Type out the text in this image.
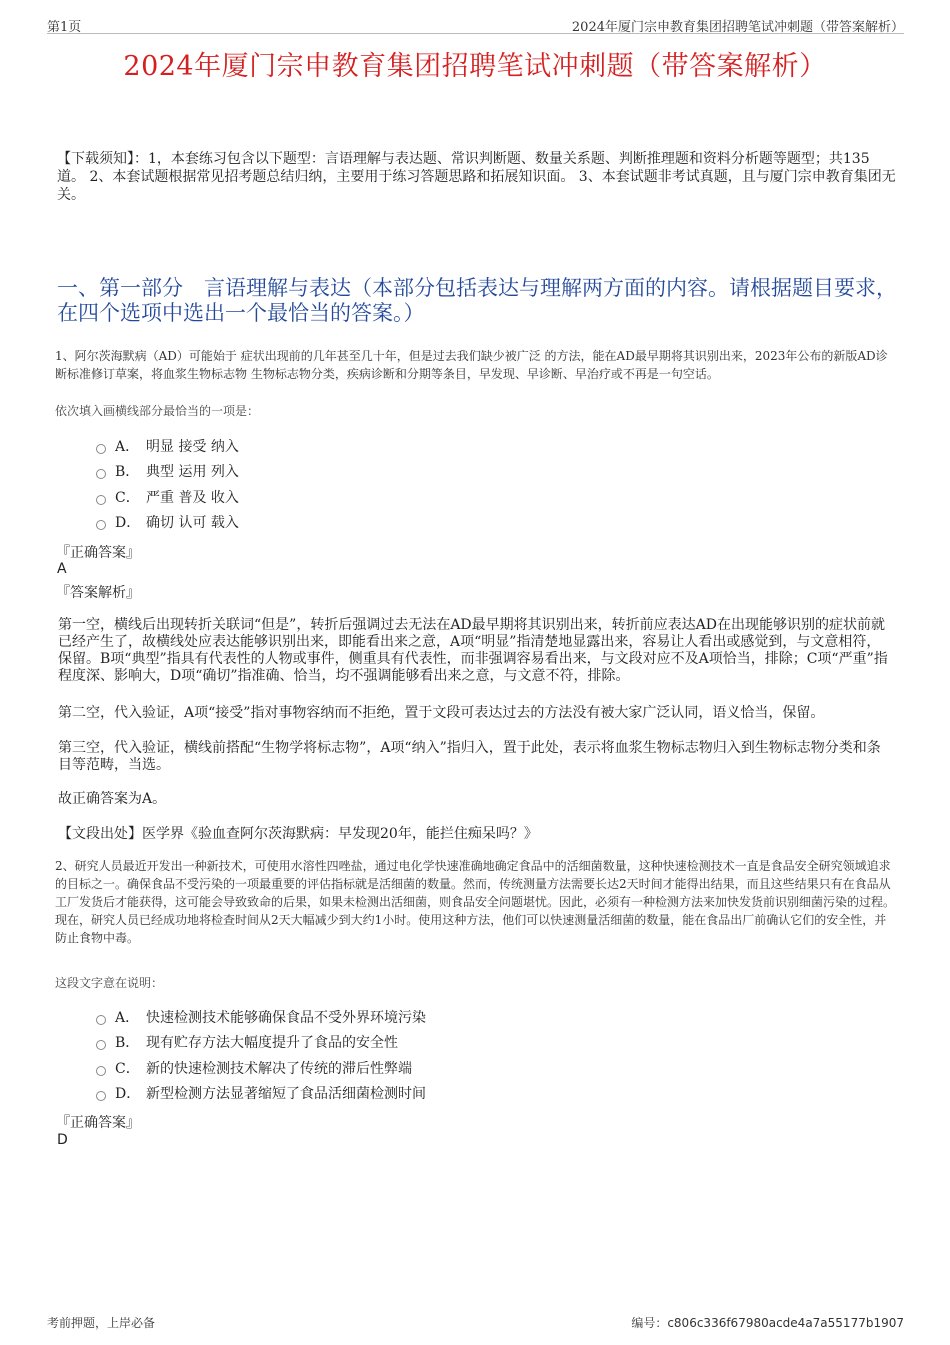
第1页	2024年厦门宗申教育集团招聘笔试冲刺题（带答案解析）
2024年厦门宗申教育集团招聘笔试冲刺题（带答案解析）
【下载须知】：1，本套练习包含以下题型：言语理解与表达题、常识判断题、数量关系题、判断推理题和资料分析题等题型；共135道。 2、本套试题根据常见招考题总结归纳，主要用于练习答题思路和拓展知识面。 3、本套试题非考试真题，且与厦门宗申教育集团无关。
一、第一部分　言语理解与表达（本部分包括表达与理解两方面的内容。请根据题目要求，在四个选项中选出一个最恰当的答案。）
1、阿尔茨海默病（AD）可能始于 症状出现前的几年甚至几十年，但是过去我们缺少被广泛 的方法，能在AD最早期将其识别出来，2023年公布的新版AD诊断标准修订草案，将血浆生物标志物 生物标志物分类，疾病诊断和分期等条目，早发现、早诊断、早治疗或不再是一句空话。
依次填入画横线部分最恰当的一项是：
A． 明显 接受 纳入
B． 典型 运用 列入
C． 严重 普及 收入
D． 确切 认可 载入
『正确答案』
A
『答案解析』
第一空，横线后出现转折关联词“但是”，转折后强调过去无法在AD最早期将其识别出来，转折前应表达AD在出现能够识别的症状前就已经产生了，故横线处应表达能够识别出来，即能看出来之意，A项“明显”指清楚地显露出来，容易让人看出或感觉到，与文意相符，保留。B项“典型”指具有代表性的人物或事件，侧重具有代表性，而非强调容易看出来，与文段对应不及A项恰当，排除；C项“严重”指程度深、影响大，D项“确切”指准确、恰当，均不强调能够看出来之意，与文意不符，排除。
第二空，代入验证，A项“接受”指对事物容纳而不拒绝，置于文段可表达过去的方法没有被大家广泛认同，语义恰当，保留。
第三空，代入验证，横线前搭配“生物学将标志物”，A项“纳入”指归入，置于此处，表示将血浆生物标志物归入到生物标志物分类和条目等范畴，当选。
故正确答案为A。
【文段出处】医学界《验血查阿尔茨海默病：早发现20年，能拦住痴呆吗？》
2、研究人员最近开发出一种新技术，可使用水溶性四唑盐，通过电化学快速准确地确定食品中的活细菌数量，这种快速检测技术一直是食品安全研究领域追求的目标之一。确保食品不受污染的一项最重要的评估指标就是活细菌的数量。然而，传统测量方法需要长达2天时间才能得出结果，而且这些结果只有在食品从工厂发货后才能获得，这可能会导致致命的后果，如果未检测出活细菌，则食品安全问题堪忧。因此，必须有一种检测方法来加快发货前识别细菌污染的过程。现在，研究人员已经成功地将检查时间从2天大幅减少到大约1小时。使用这种方法，他们可以快速测量活细菌的数量，能在食品出厂前确认它们的安全性，并防止食物中毒。
这段文字意在说明：
A． 快速检测技术能够确保食品不受外界环境污染
B． 现有贮存方法大幅度提升了食品的安全性
C． 新的快速检测技术解决了传统的滞后性弊端
D． 新型检测方法显著缩短了食品活细菌检测时间
『正确答案』
D
考前押题，上岸必备	编号：c806c336f67980acde4a7a55177b1907
